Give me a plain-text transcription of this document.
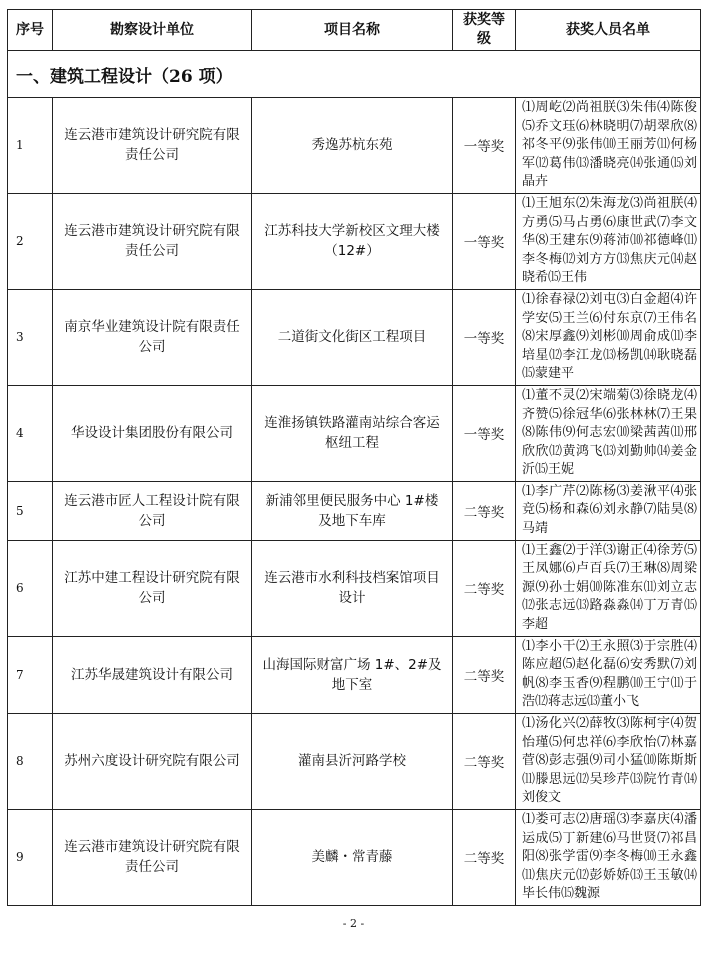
序号	勘察设计单位	项目名称	获奖等级	获奖人员名单
一、建筑工程设计（26 项）				
1	连云港市建筑设计研究院有限责任公司	秀逸苏杭东苑	一等奖	⑴周屹⑵尚祖朕⑶朱伟⑷陈俊⑸乔文珏⑹林晓明⑺胡翠欣⑻祁冬平⑼张伟⑽王丽芳⑾何杨军⑿葛伟⒀潘晓亮⒁张通⒂刘晶卉
2	连云港市建筑设计研究院有限责任公司	江苏科技大学新校区文理大楼（12#）	一等奖	⑴王旭东⑵朱海龙⑶尚祖朕⑷方勇⑸马占勇⑹康世武⑺李文华⑻王建东⑼蒋沛⑽祁德峰⑾李冬梅⑿刘方方⒀焦庆元⒁赵晓希⒂王伟
3	南京华业建筑设计院有限责任公司	二道街文化街区工程项目	一等奖	⑴徐春禄⑵刘屯⑶白金超⑷许学安⑸王兰⑹付东京⑺王伟名⑻宋厚鑫⑼刘彬⑽周俞成⑾李培星⑿李江龙⒀杨凯⒁耿晓磊⒂蒙建平
4	华设设计集团股份有限公司	连淮扬镇铁路灌南站综合客运枢纽工程	一等奖	⑴董不灵⑵宋端菊⑶徐晓龙⑷齐赞⑸徐冠华⑹张林林⑺王果⑻陈伟⑼何志宏⑽梁茜茜⑾邢欣欣⑿黄鸿飞⒀刘勤帅⒁姜金沂⒂王妮
5	连云港市匠人工程设计院有限公司	新浦邻里便民服务中心 1#楼及地下车库	二等奖	⑴李广芹⑵陈杨⑶姜湫平⑷张竞⑸杨和森⑹刘永静⑺陆昊⑻马靖
6	江苏中建工程设计研究院有限公司	连云港市水利科技档案馆项目设计	二等奖	⑴王鑫⑵于洋⑶谢正⑷徐芳⑸王凤娜⑹卢百兵⑺王琳⑻周梁源⑼孙士娟⑽陈准东⑾刘立志⑿张志远⒀路淼淼⒁丁万青⒂李超
7	江苏华晟建筑设计有限公司	山海国际财富广场 1#、2#及地下室	二等奖	⑴李小干⑵王永照⑶于宗胜⑷陈应超⑸赵化磊⑹安秀默⑺刘帆⑻李玉香⑼程鹏⑽王宁⑾于浩⑿蒋志远⒀董小飞
8	苏州六度设计研究院有限公司	灌南县沂河路学校	二等奖	⑴汤化兴⑵薛牧⑶陈柯宇⑷贺怡瑾⑸何忠祥⑹李欣怡⑺林嘉菅⑻彭志强⑼司小猛⑽陈斯斯⑾滕思远⑿吴珍芹⒀院竹青⒁刘俊文
9	连云港市建筑设计研究院有限责任公司	美麟・常青藤	二等奖	⑴娄可志⑵唐瑶⑶李嘉庆⑷潘运成⑸丁新建⑹马世贤⑺祁昌阳⑻张学雷⑼李冬梅⑽王永鑫⑾焦庆元⑿彭娇娇⒀王玉敏⒁毕长伟⒂魏源
- 2 -
